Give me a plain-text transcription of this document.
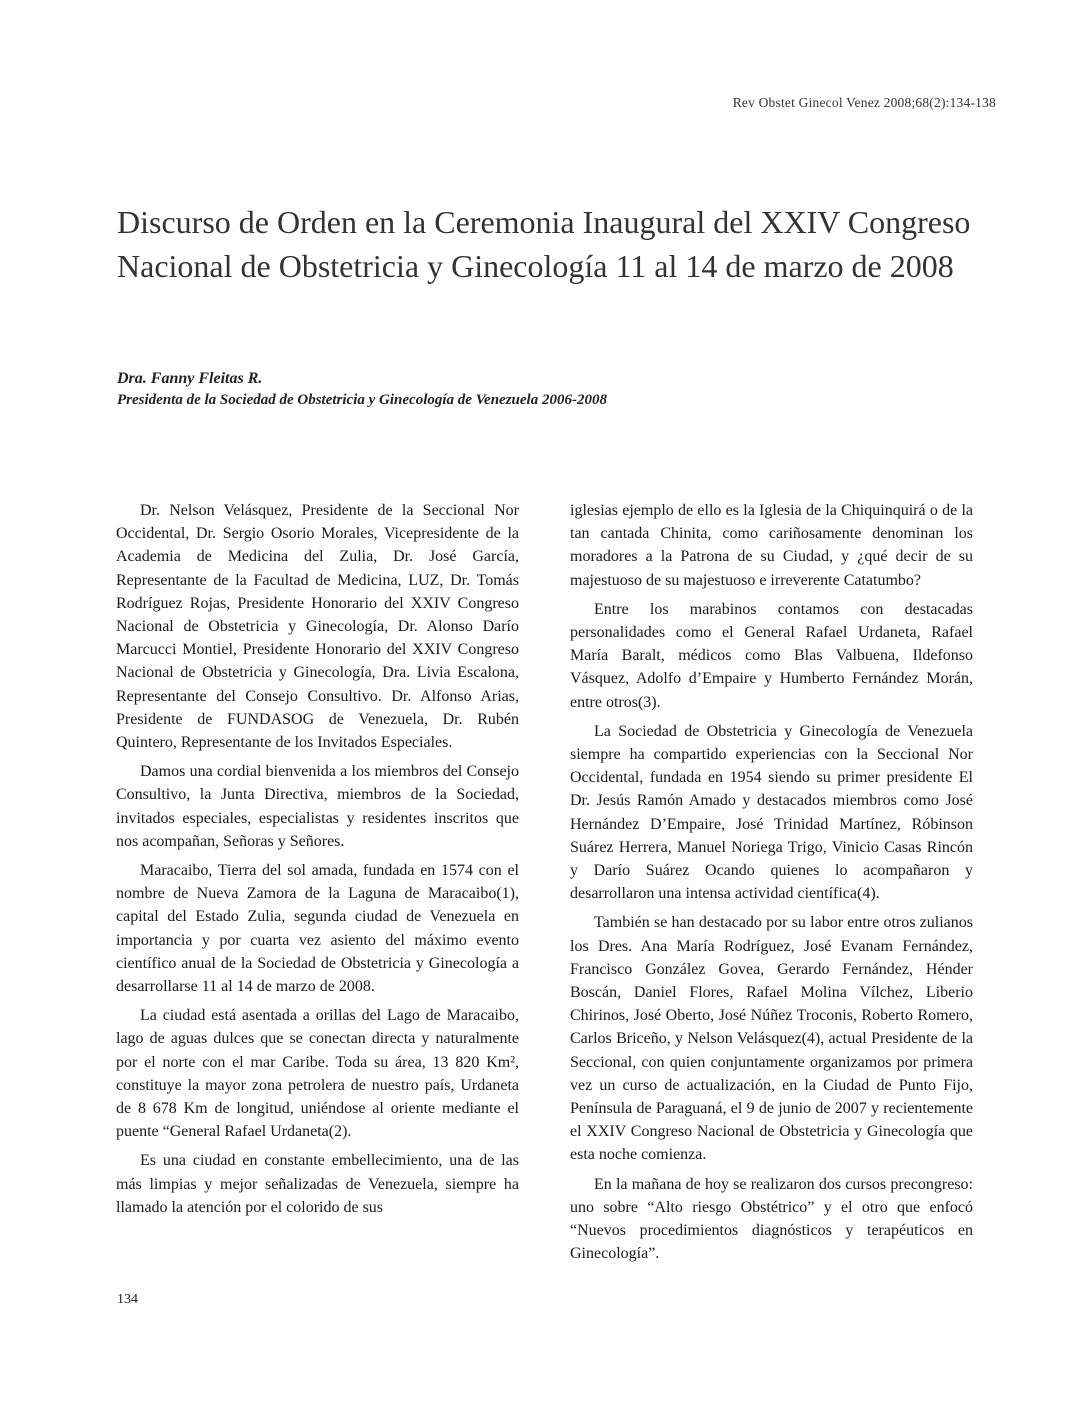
Rev Obstet Ginecol Venez 2008;68(2):134-138
Discurso de Orden en la Ceremonia Inaugural del XXIV Congreso Nacional de Obstetricia y Ginecología 11 al 14 de marzo de 2008

Dra. Fanny Fleitas R.

Presidenta de la Sociedad de Obstetricia y Ginecología de Venezuela 2006-2008

Dr. Nelson Velásquez, Presidente de la Seccional Nor Occidental, Dr. Sergio Osorio Morales, Vicepresidente de la Academia de Medicina del Zulia, Dr. José García, Representante de la Facultad de Medicina, LUZ, Dr. Tomás Rodríguez Rojas, Presidente Honorario del XXIV Congreso Nacional de Obstetricia y Ginecología, Dr. Alonso Darío Marcucci Montiel, Presidente Honorario del XXIV Congreso Nacional de Obstetricia y Ginecología, Dra. Livia Escalona, Representante del Consejo Consultivo. Dr. Alfonso Arias, Presidente de FUNDASOG de Venezuela, Dr. Rubén Quintero, Representante de los Invitados Especiales.

Damos una cordial bienvenida a los miembros del Consejo Consultivo, la Junta Directiva, miembros de la Sociedad, invitados especiales, especialistas y residentes inscritos que nos acompañan, Señoras y Señores.

Maracaibo, Tierra del sol amada, fundada en 1574 con el nombre de Nueva Zamora de la Laguna de Maracaibo(1), capital del Estado Zulia, segunda ciudad de Venezuela en importancia y por cuarta vez asiento del máximo evento científico anual de la Sociedad de Obstetricia y Ginecología a desarrollarse 11 al 14 de marzo de 2008.

La ciudad está asentada a orillas del Lago de Maracaibo, lago de aguas dulces que se conectan directa y naturalmente por el norte con el mar Caribe. Toda su área, 13 820 Km², constituye la mayor zona petrolera de nuestro país, Urdaneta de 8 678 Km de longitud, uniéndose al oriente mediante el puente “General Rafael Urdaneta(2).

Es una ciudad en constante embellecimiento, una de las más limpias y mejor señalizadas de Venezuela, siempre ha llamado la atención por el colorido de sus

iglesias ejemplo de ello es la Iglesia de la Chiquinquirá o de la tan cantada Chinita, como cariñosamente denominan los moradores a la Patrona de su Ciudad, y ¿qué decir de su majestuoso de su majestuoso e irreverente Catatumbo?

Entre los marabinos contamos con destacadas personalidades como el General Rafael Urdaneta, Rafael María Baralt, médicos como Blas Valbuena, Ildefonso Vásquez, Adolfo d’Empaire y Humberto Fernández Morán, entre otros(3).

La Sociedad de Obstetricia y Ginecología de Venezuela siempre ha compartido experiencias con la Seccional Nor Occidental, fundada en 1954 siendo su primer presidente El Dr. Jesús Ramón Amado y destacados miembros como José Hernández D’Empaire, José Trinidad Martínez, Róbinson Suárez Herrera, Manuel Noriega Trigo, Vinicio Casas Rincón y Darío Suárez Ocando quienes lo acompañaron y desarrollaron una intensa actividad científica(4).

También se han destacado por su labor entre otros zulianos los Dres. Ana María Rodríguez, José Evanam Fernández, Francisco González Govea, Gerardo Fernández, Hénder Boscán, Daniel Flores, Rafael Molina Vílchez, Liberio Chirinos, José Oberto, José Núñez Troconis, Roberto Romero, Carlos Briceño, y Nelson Velásquez(4), actual Presidente de la Seccional, con quien conjuntamente organizamos por primera vez un curso de actualización, en la Ciudad de Punto Fijo, Península de Paraguaná, el 9 de junio de 2007 y recientemente el XXIV Congreso Nacional de Obstetricia y Ginecología que esta noche comienza.

En la mañana de hoy se realizaron dos cursos precongreso: uno sobre “Alto riesgo Obstétrico” y el otro que enfocó “Nuevos procedimientos diagnósticos y terapéuticos en Ginecología”.

134
